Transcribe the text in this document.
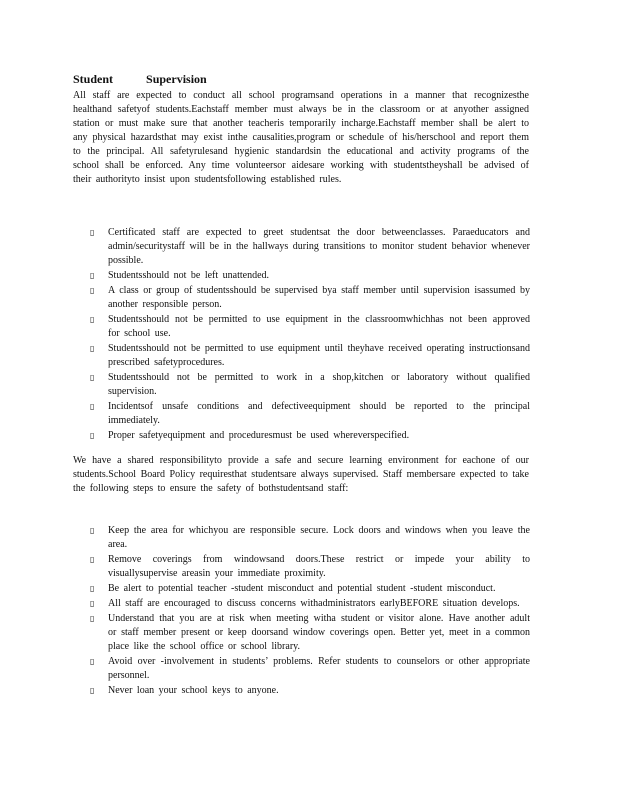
Student Supervision

All staff are expected to conduct all school programsand operations in a manner that recognizesthe healthand safetyof students.Eachstaff member must always be in the classroom or at anyother assigned station or must make sure that another teacheris temporarily incharge.Eachstaff member shall be alert to any physical hazardsthat may exist inthe causalities,program or schedule of his/herschool and report them to the principal. All safetyrulesand hygienic standardsin the educational and activity programs of the school shall be enforced. Any time volunteersor aidesare working with studentstheyshall be advised of their authorityto insist upon studentsfollowing established rules.

▯	Certificated staff are expected to greet studentsat the door betweenclasses. Paraeducators and admin/securitystaff will be in the hallways during transitions to monitor student behavior whenever possible.
▯	Studentsshould not be left unattended.
▯	A class or group of studentsshould be supervised bya staff member until supervision isassumed by another responsible person.
▯	Studentsshould not be permitted to use equipment in the classroomwhichhas not been approved for school use.
▯	Studentsshould not be permitted to use equipment until theyhave received operating instructionsand prescribed safetyprocedures.
▯	Studentsshould not be permitted to work in a shop,kitchen or laboratory without qualified supervision.
▯	Incidentsof unsafe conditions and defectiveequipment should be reported to the principal immediately.
▯	Proper safetyequipment and proceduresmust be used whereverspecified.

We have a shared responsibilityto provide a safe and secure learning environment for eachone of our students.School Board Policy requiresthat studentsare always supervised. Staff membersare expected to take the following steps to ensure the safety of bothstudentsand staff:

▯	Keep the area for whichyou are responsible secure. Lock doors and windows when you leave the area.
▯	Remove coverings from windowsand doors.These restrict or impede your ability to visuallysupervise areasin your immediate proximity.
▯	Be alert to potential teacher -student misconduct and potential student -student misconduct.
▯	All staff are encouraged to discuss concerns withadministrators earlyBEFORE situation develops.
▯	Understand that you are at risk when meeting witha student or visitor alone. Have another adult or staff member present or keep doorsand window coverings open. Better yet, meet in a common place like the school office or school library.
▯	Avoid over -involvement in students’ problems. Refer students to counselors or other appropriate personnel.
▯	Never loan your school keys to anyone.
